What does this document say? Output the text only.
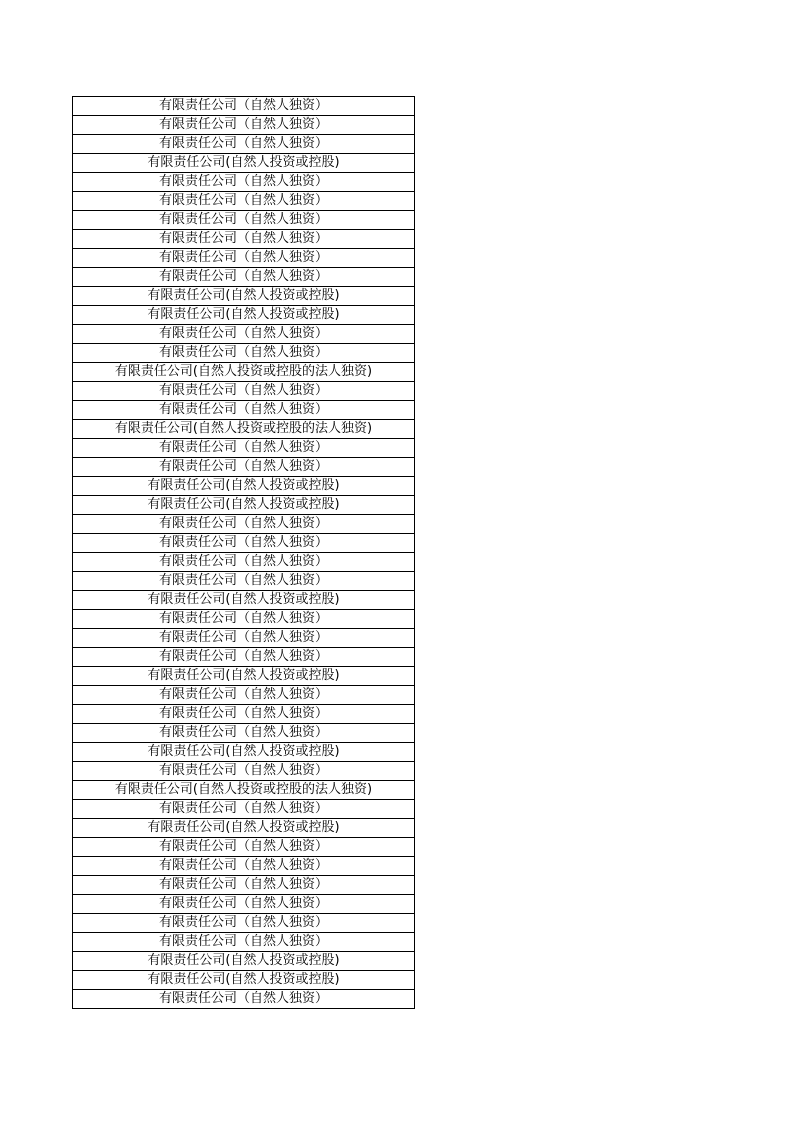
有限责任公司（自然人独资）
有限责任公司（自然人独资）
有限责任公司（自然人独资）
有限责任公司(自然人投资或控股)
有限责任公司（自然人独资）
有限责任公司（自然人独资）
有限责任公司（自然人独资）
有限责任公司（自然人独资）
有限责任公司（自然人独资）
有限责任公司（自然人独资）
有限责任公司(自然人投资或控股)
有限责任公司(自然人投资或控股)
有限责任公司（自然人独资）
有限责任公司（自然人独资）
有限责任公司(自然人投资或控股的法人独资)
有限责任公司（自然人独资）
有限责任公司（自然人独资）
有限责任公司(自然人投资或控股的法人独资)
有限责任公司（自然人独资）
有限责任公司（自然人独资）
有限责任公司(自然人投资或控股)
有限责任公司(自然人投资或控股)
有限责任公司（自然人独资）
有限责任公司（自然人独资）
有限责任公司（自然人独资）
有限责任公司（自然人独资）
有限责任公司(自然人投资或控股)
有限责任公司（自然人独资）
有限责任公司（自然人独资）
有限责任公司（自然人独资）
有限责任公司(自然人投资或控股)
有限责任公司（自然人独资）
有限责任公司（自然人独资）
有限责任公司（自然人独资）
有限责任公司(自然人投资或控股)
有限责任公司（自然人独资）
有限责任公司(自然人投资或控股的法人独资)
有限责任公司（自然人独资）
有限责任公司(自然人投资或控股)
有限责任公司（自然人独资）
有限责任公司（自然人独资）
有限责任公司（自然人独资）
有限责任公司（自然人独资）
有限责任公司（自然人独资）
有限责任公司（自然人独资）
有限责任公司(自然人投资或控股)
有限责任公司(自然人投资或控股)
有限责任公司（自然人独资）
